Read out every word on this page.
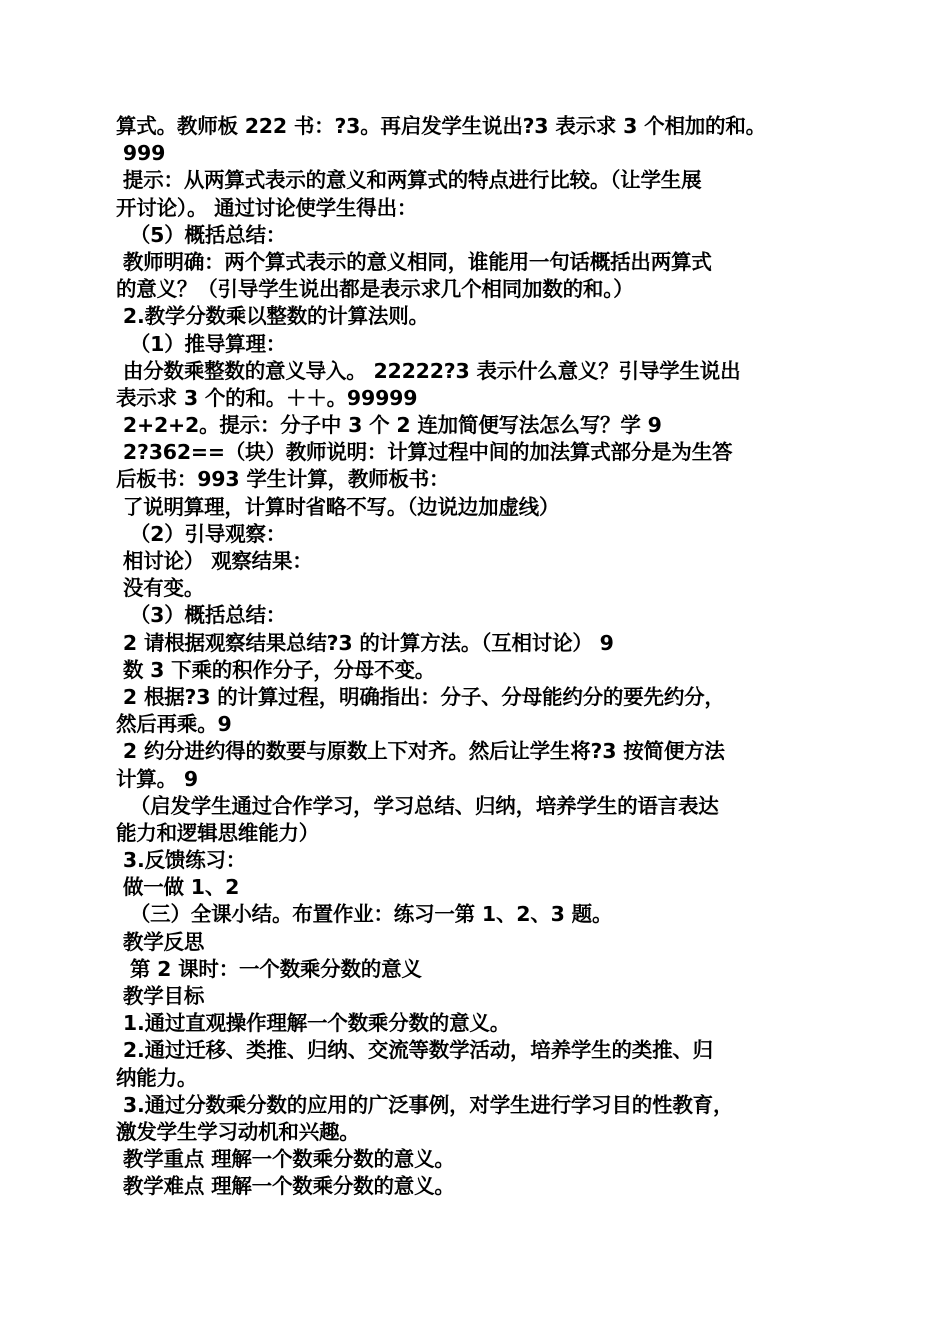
算式。教师板 222 书：?3。再启发学生说出?3 表示求 3 个相加的和。
999
提示：从两算式表示的意义和两算式的特点进行比较。（让学生展
开讨论）。 通过讨论使学生得出：
（5）概括总结：
教师明确：两个算式表示的意义相同，谁能用一句话概括出两算式
的意义？（引导学生说出都是表示求几个相同加数的和。）
2.教学分数乘以整数的计算法则。
（1）推导算理：
由分数乘整数的意义导入。 22222?3 表示什么意义？引导学生说出
表示求 3 个的和。＋＋。99999
2+2+2。提示：分子中 3 个 2 连加简便写法怎么写？学 9
2?362==（块）教师说明：计算过程中间的加法算式部分是为生答
后板书：993 学生计算，教师板书：
了说明算理，计算时省略不写。（边说边加虚线）
（2）引导观察：
相讨论） 观察结果：
没有变。
（3）概括总结：
2 请根据观察结果总结?3 的计算方法。（互相讨论） 9
数 3 下乘的积作分子，分母不变。
2 根据?3 的计算过程，明确指出：分子、分母能约分的要先约分，
然后再乘。9
2 约分进约得的数要与原数上下对齐。然后让学生将?3 按简便方法
计算。 9
（启发学生通过合作学习，学习总结、归纳，培养学生的语言表达
能力和逻辑思维能力）
3.反馈练习：
做一做 1、2
（三）全课小结。布置作业：练习一第 1、2、3 题。
教学反思
第 2 课时：一个数乘分数的意义
教学目标
1.通过直观操作理解一个数乘分数的意义。
2.通过迁移、类推、归纳、交流等数学活动，培养学生的类推、归
纳能力。
3.通过分数乘分数的应用的广泛事例，对学生进行学习目的性教育，
激发学生学习动机和兴趣。
教学重点 理解一个数乘分数的意义。
教学难点 理解一个数乘分数的意义。
